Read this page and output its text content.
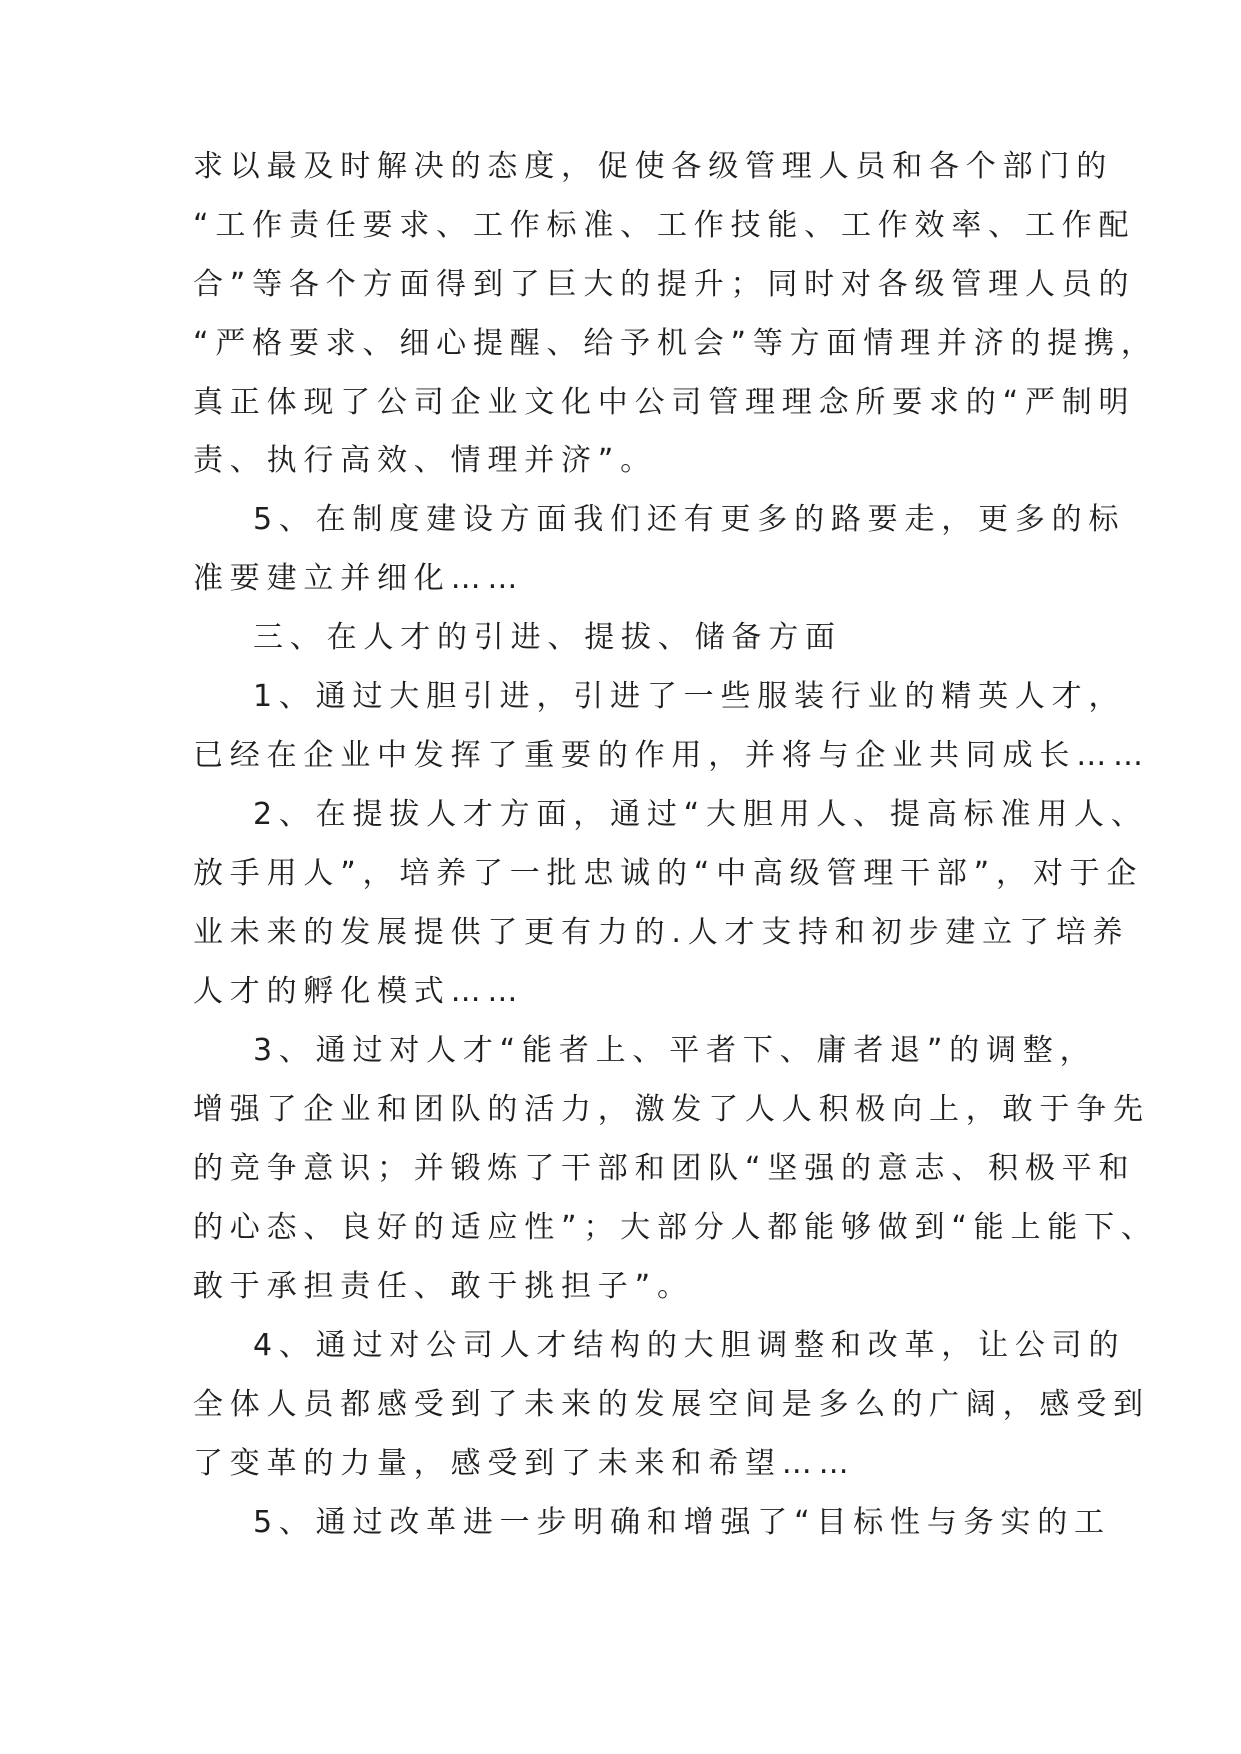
求以最及时解决的态度，促使各级管理人员和各个部门的
“工作责任要求、工作标准、工作技能、工作效率、工作配
合”等各个方面得到了巨大的提升；同时对各级管理人员的
“严格要求、细心提醒、给予机会”等方面情理并济的提携，
真正体现了公司企业文化中公司管理理念所要求的“严制明
责、执行高效、情理并济”。
5、在制度建设方面我们还有更多的路要走，更多的标
准要建立并细化……
三、在人才的引进、提拔、储备方面
1、通过大胆引进，引进了一些服装行业的精英人才，
已经在企业中发挥了重要的作用，并将与企业共同成长……
2、在提拔人才方面，通过“大胆用人、提高标准用人、
放手用人”，培养了一批忠诚的“中高级管理干部”，对于企
业未来的发展提供了更有力的.人才支持和初步建立了培养
人才的孵化模式……
3、通过对人才“能者上、平者下、庸者退”的调整，
增强了企业和团队的活力，激发了人人积极向上，敢于争先
的竞争意识；并锻炼了干部和团队“坚强的意志、积极平和
的心态、良好的适应性”；大部分人都能够做到“能上能下、
敢于承担责任、敢于挑担子”。
4、通过对公司人才结构的大胆调整和改革，让公司的
全体人员都感受到了未来的发展空间是多么的广阔，感受到
了变革的力量，感受到了未来和希望……
5、通过改革进一步明确和增强了“目标性与务实的工
